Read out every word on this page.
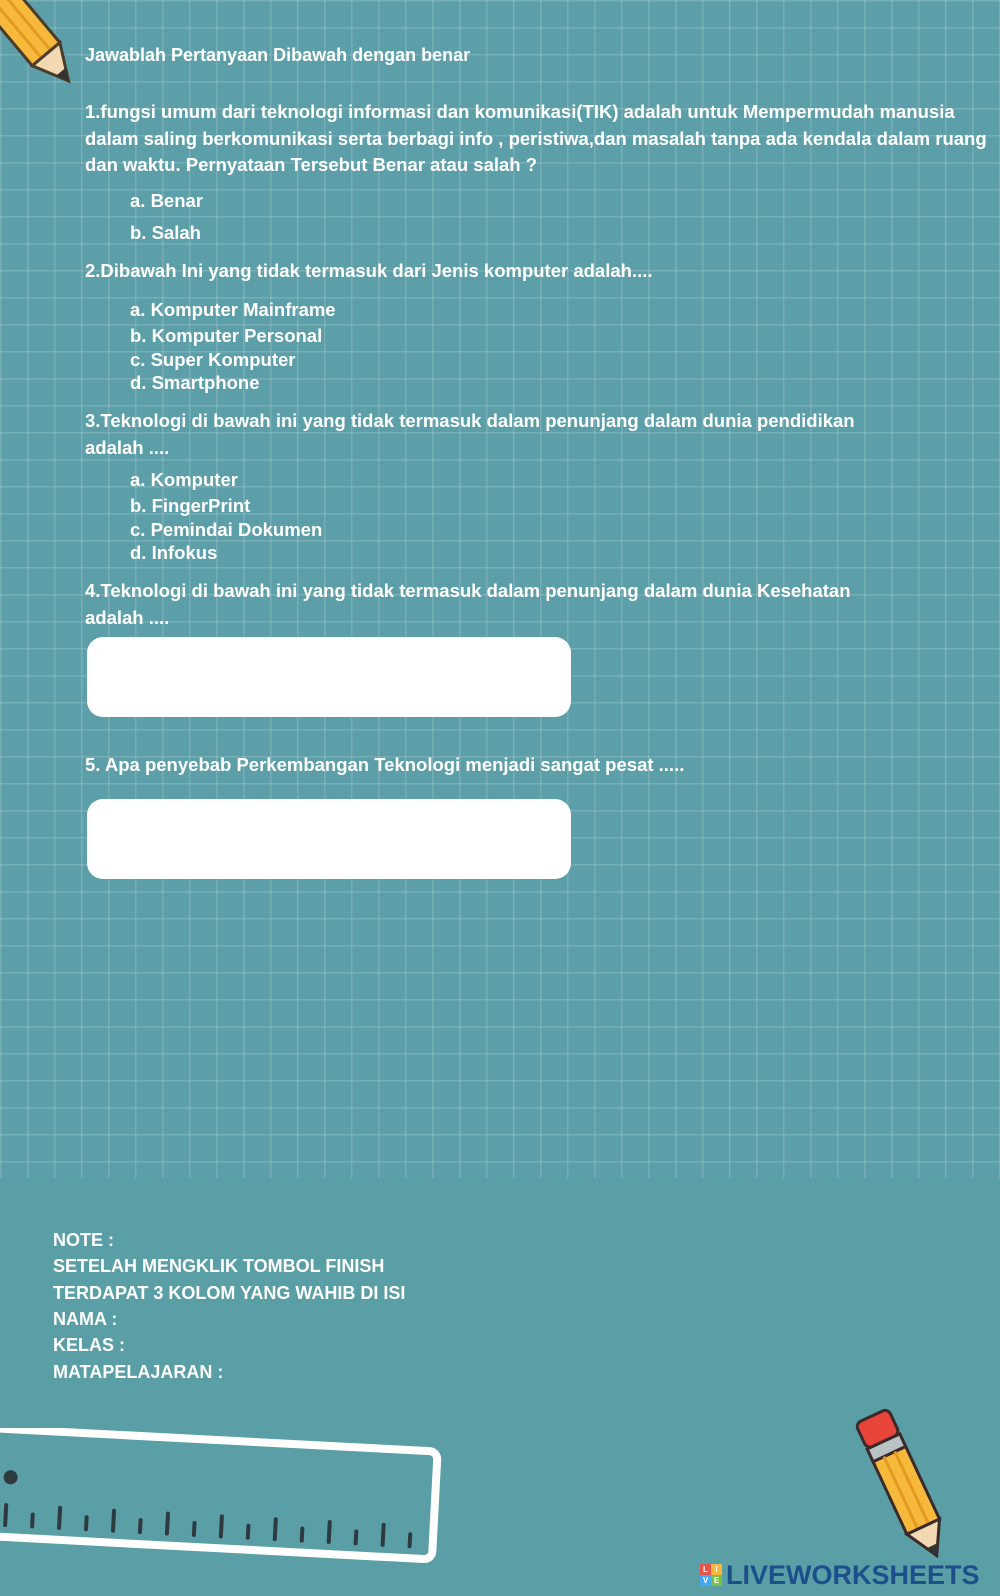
Jawablah Pertanyaan Dibawah dengan benar
1.fungsi umum dari teknologi informasi dan komunikasi(TIK) adalah untuk Mempermudah manusia dalam saling berkomunikasi serta berbagi info , peristiwa,dan masalah tanpa ada kendala dalam ruang dan waktu. Pernyataan Tersebut Benar atau salah ?
a. Benar
b. Salah
2.Dibawah Ini yang tidak termasuk dari Jenis komputer adalah....
a. Komputer Mainframe
b. Komputer Personal
c. Super Komputer
d. Smartphone
3.Teknologi di bawah ini yang tidak termasuk dalam penunjang dalam dunia pendidikan adalah ....
a. Komputer
b. FingerPrint
c. Pemindai Dokumen
d. Infokus
4.Teknologi di bawah ini yang tidak termasuk dalam penunjang dalam dunia Kesehatan adalah ....
5. Apa penyebab Perkembangan Teknologi menjadi sangat pesat .....
NOTE :
SETELAH MENGKLIK TOMBOL FINISH
TERDAPAT 3 KOLOM YANG WAHIB DI ISI
NAMA :
KELAS :
MATAPELAJARAN :
L I
V E LIVEWORKSHEETS
